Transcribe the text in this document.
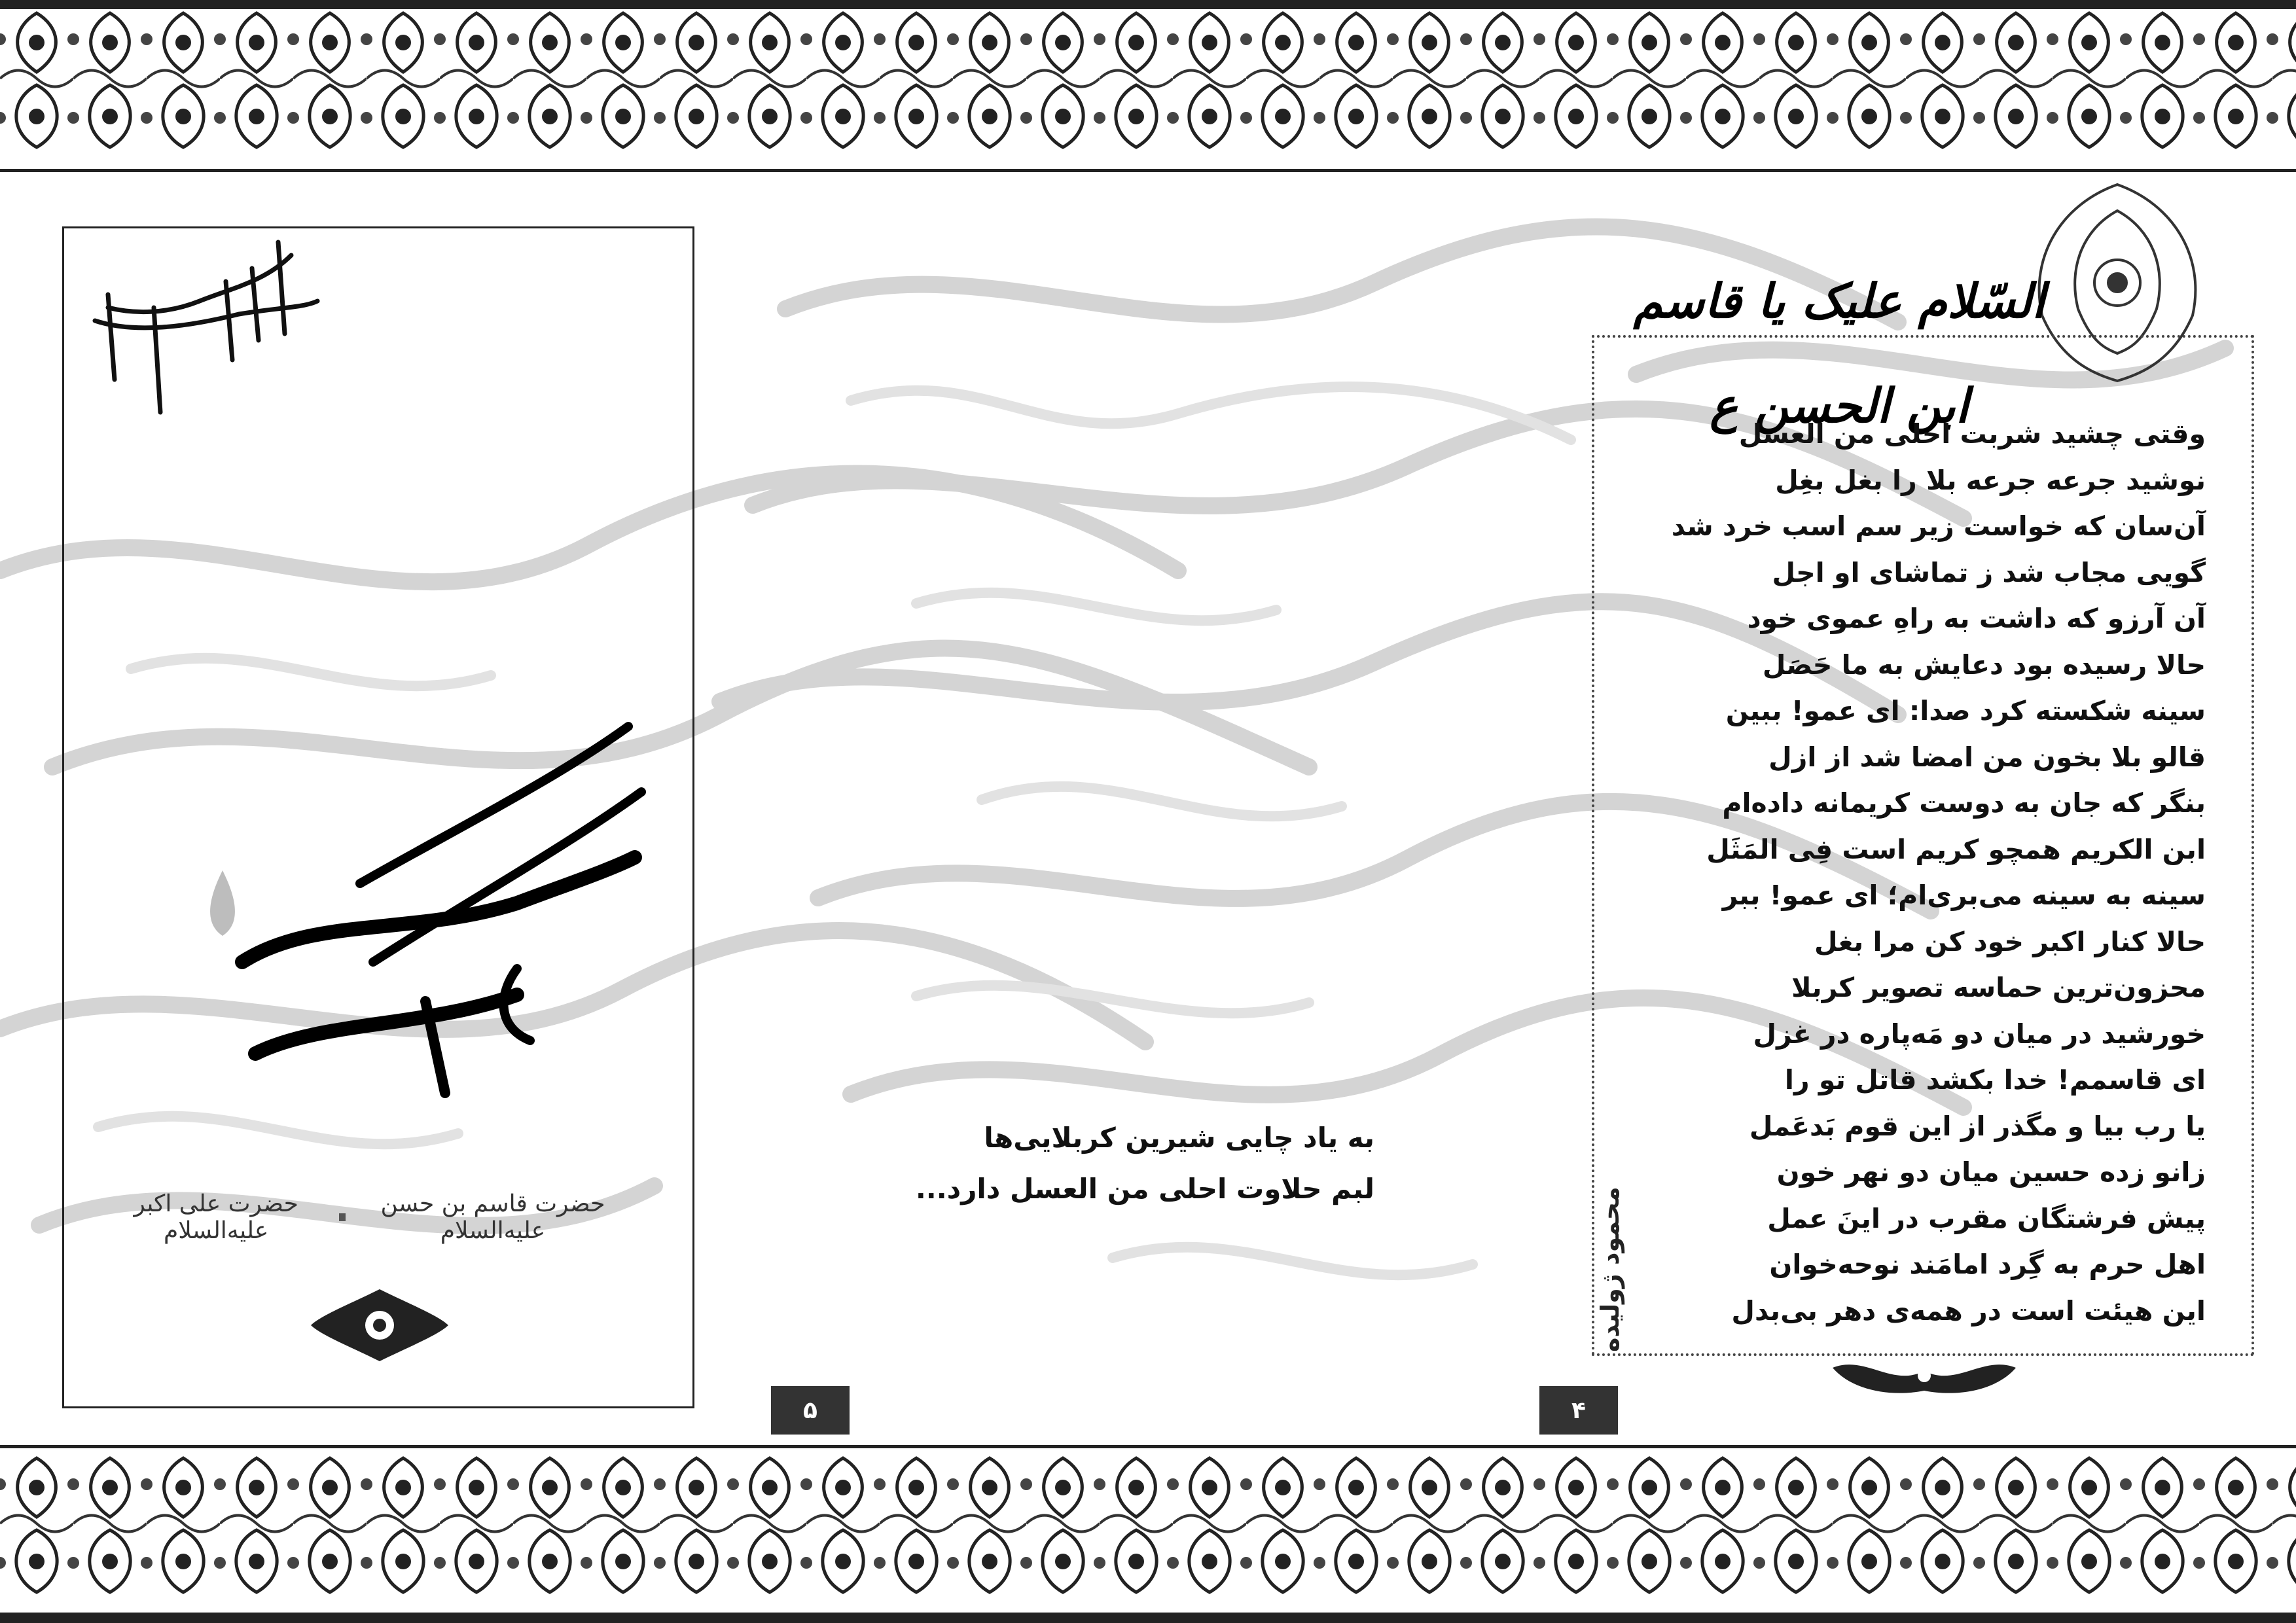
حضرت قاسم بن حسن علیه‌السلام
حضرت علی اکبر علیه‌السلام
به یاد چایی شیرین کربلایی‌ها
لبم حلاوت احلی من العسل دارد...
۵	۴
السّلام علیک یا قاسم ابن الحسن ع
وقتی چشید شربت احلی من العسل
نوشید جرعه جرعه بلا را بغل بغِل
آن‌سان که خواست زیر سم اسب خرد شد
گویی مجاب شد ز تماشای او اجل
آن آرزو که داشت به راهِ عموی خود
حالا رسیده بود دعایش به ما حَصَل
سینه شکسته کرد صدا: ای عمو! ببین
قالو بلا بخون من امضا شد از ازل
بنگر که جان به دوست کریمانه داده‌ام
ابن الکریم همچو کریم است فِی المَثَل
سینه به سینه می‌بری‌ام؛ ای عمو! ببر
حالا کنار اکبر خود کن مرا بغل
محزون‌ترین حماسه تصویر کربلا
خورشید در میان دو مَه‌پاره در غزل
ای قاسمم! خدا بکشد قاتل تو را
یا رب بیا و مگذر از این قوم بَدعَمل
زانو زده حسین میان دو نهر خون
پیش فرشتگان مقرب در اینَ عمل
اهل حرم به گِرد امامَند نوحه‌خوان
این هیئت است در همه‌ی دهر بی‌بدل
محمود ژولیده
